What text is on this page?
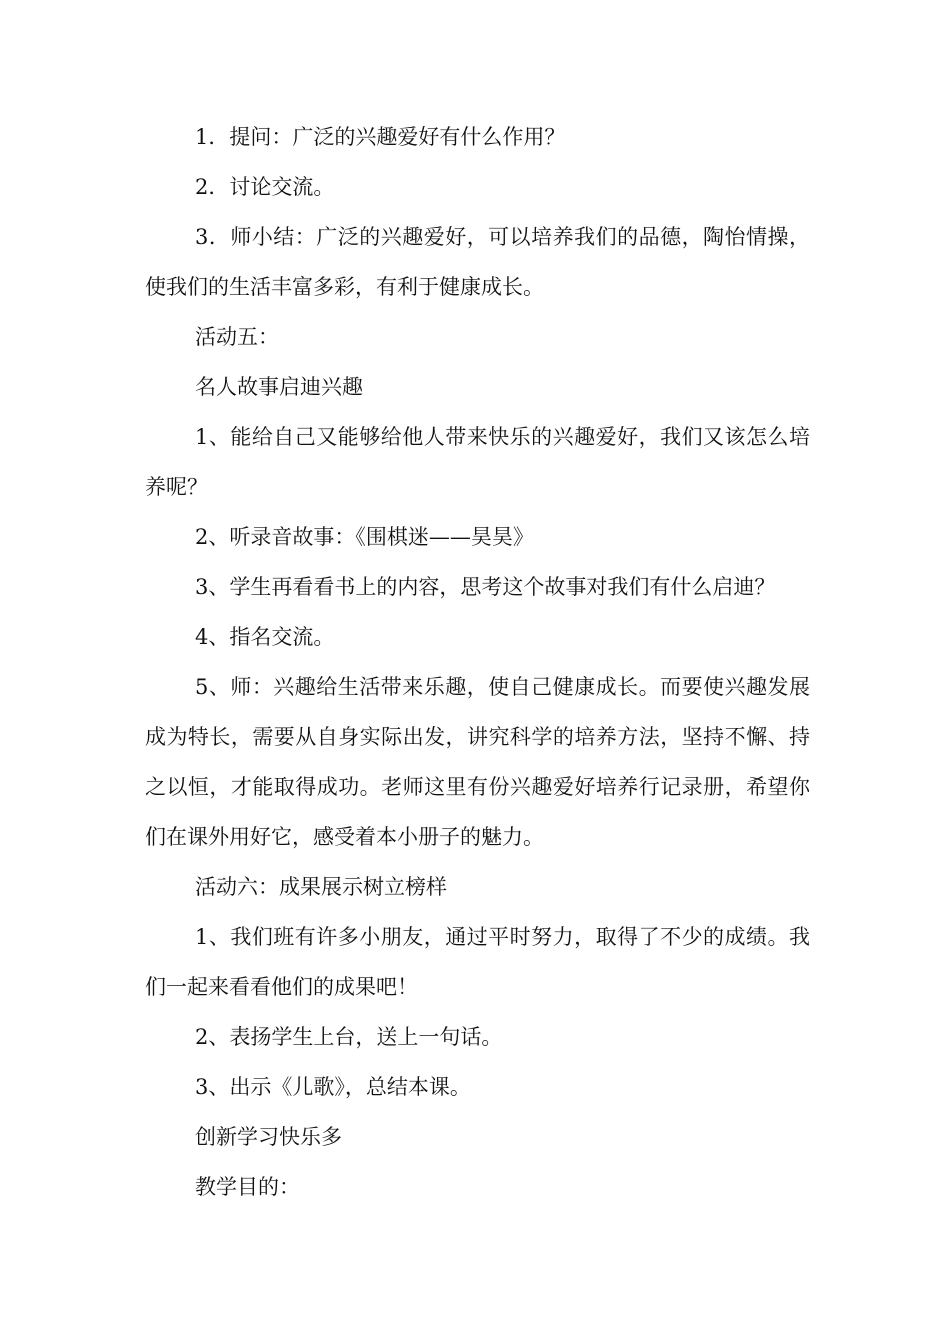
1．提问：广泛的兴趣爱好有什么作用？

2．讨论交流。

3．师小结：广泛的兴趣爱好，可以培养我们的品德，陶怡情操，使我们的生活丰富多彩，有利于健康成长。

活动五：

名人故事启迪兴趣

1、能给自己又能够给他人带来快乐的兴趣爱好，我们又该怎么培养呢？

2、听录音故事：《围棋迷——昊昊》

3、学生再看看书上的内容，思考这个故事对我们有什么启迪？

4、指名交流。

5、师：兴趣给生活带来乐趣，使自己健康成长。而要使兴趣发展成为特长，需要从自身实际出发，讲究科学的培养方法，坚持不懈、持之以恒，才能取得成功。老师这里有份兴趣爱好培养行记录册，希望你们在课外用好它，感受着本小册子的魅力。

活动六：成果展示树立榜样

1、我们班有许多小朋友，通过平时努力，取得了不少的成绩。我们一起来看看他们的成果吧！

2、表扬学生上台，送上一句话。

3、出示《儿歌》，总结本课。

创新学习快乐多

教学目的：
